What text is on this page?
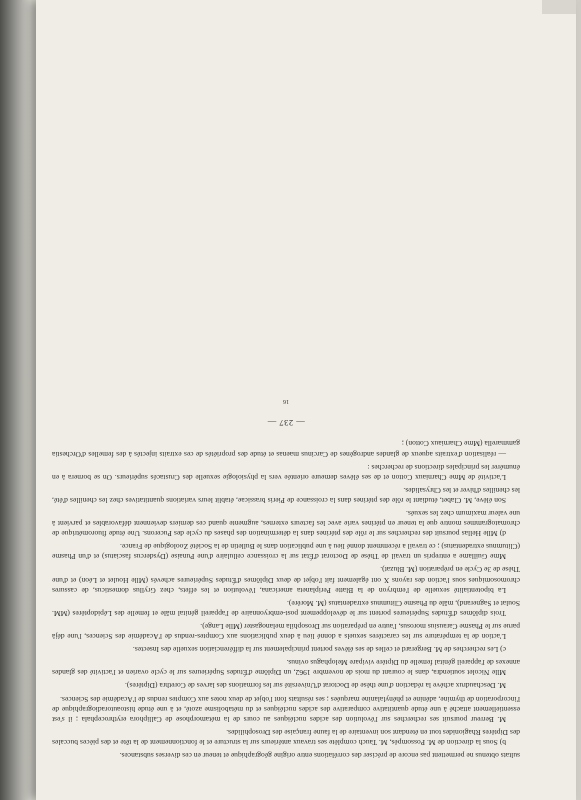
sultats obtenus ne permettent pas encore de préciser des corrélations entre origine géographique et teneur en ces diverses substances.

b) Sous la direction de M. Possompès, M. Tauch complète ses travaux antérieurs sur la structure et le fonctionnement de la tête et des pièces buccales des Diptères Rhagionides tout en étendant son inventaire de la faune française des Drosophilides.

M. Berreur poursuit ses recherches sur l'évolution des acides nucléiques au cours de la métamorphose de Calliphora erythrocephala ; il s'est essentiellement attaché à une étude quantitative comparative des acides nucléiques et du métabolisme azoté, et à une étude histoautoradiographique de l'incorporation de thymine, adénine et phénylalanine marquées ; ses résultats font l'objet de deux notes aux Comptes rendus de l'Académie des Sciences.

M. Deschaudrux achève la rédaction d'une thèse de Doctorat d'Université sur les formations des larves de Corethra (Diptères).

Mlle Nicolet soutiendra, dans le courant du mois de novembre 1962, un Diplôme d'Études Supérieures sur le cycle ovarien et l'activité des glandes annexes de l'appareil génital femelle du Diptère vivipare Melophagus ovinus.

c) Les recherches de M. Bergerard et celles de ses élèves portent principalement sur la différenciation sexuelle des Insectes.

L'action de la température sur les caractères sexuels a donné lieu à deux publications aux Comptes-rendus de l'Académie des Sciences, l'une déjà parue sur le Phasme Carausius morosus, l'autre en préparation sur Drosophila melanogaster (Mlle Lange).

Trois diplômes d'Études Supérieures portent sur le développement post-embryonnaire de l'appareil génital mâle et femelle des Lépidoptères (MM. Soulat et Sagnerand), mâle du Phasme Clitumnus extradentatus (M. Morère).

La bipotentialité sexuelle de l'embryon de la Blatte Periplaneta americana, l'évolution et les effets, chez Gryllus domesticus, de cassures chromosomiques sous l'action des rayons X ont également fait l'objet de deux Diplômes d'Études Supérieures achevés (Mlle Houlet et Léon) et d'une Thèse de 3e Cycle en préparation (M. Bluzat).

Mme Guillame a entrepris un travail de Thèse de Doctorat d'État sur la croissance cellulaire d'une Punaise (Dysdercus fasciatus) et d'un Phasme (Clitumnus extradentatus) ; ce travail a récemment donné lieu à une publication dans le Bulletin de la Société Zoologique de France.

d) Mlle Hellas poursuit des recherches sur le rôle des ptérines dans la détermination des phases du cycle des Pucerons. Une étude fluorométrique de chromatogrammes montre que la teneur en ptérines varie avec les facteurs externes, augmente quand ces derniers deviennent défavorables et parvient à une valeur maximum chez les sexués.

Son élève, M. Clabet, étudiant le rôle des ptérines dans la croissance de Pieris brassicae, établit leurs variations quantitatives chez les chenilles d'été, les chenilles d'hiver et les Chrysalides.

L'activité de Mme Charniaux Cotton et de ses élèves demeure orientée vers la physiologie sexuelle des Crustacés supérieurs. On se bornera à en énumérer les principales directions de recherches :

— réalisation d'extraits aqueux de glandes androgènes de Carcinus maenas et étude des propriétés de ces extraits injectés à des femelles d'Orchestia gammarella (Mme Charniaux Cotton) ;

— 237 —
16
